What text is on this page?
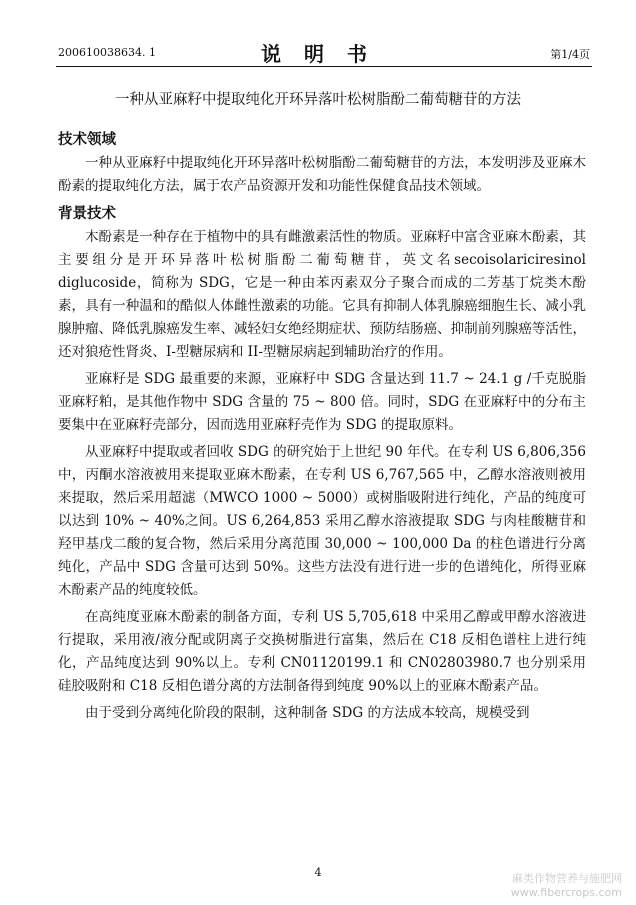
200610038634. 1	说 明 书	第1/4页
一种从亚麻籽中提取纯化开环异落叶松树脂酚二葡萄糖苷的方法
技术领域

一种从亚麻籽中提取纯化开环异落叶松树脂酚二葡萄糖苷的方法，本发明涉及亚麻木酚素的提取纯化方法，属于农产品资源开发和功能性保健食品技术领域。

背景技术

木酚素是一种存在于植物中的具有雌激素活性的物质。亚麻籽中富含亚麻木酚素，其主要组分是开环异落叶松树脂酚二葡萄糖苷，英文名secoisolariciresinol diglucoside，简称为 SDG，它是一种由苯丙素双分子聚合而成的二芳基丁烷类木酚素，具有一种温和的酷似人体雌性激素的功能。它具有抑制人体乳腺癌细胞生长、减小乳腺肿瘤、降低乳腺癌发生率、减轻妇女绝经期症状、预防结肠癌、抑制前列腺癌等活性，还对狼疮性肾炎、I-型糖尿病和 II-型糖尿病起到辅助治疗的作用。

亚麻籽是 SDG 最重要的来源，亚麻籽中 SDG 含量达到 11.7 ~ 24.1 g /千克脱脂亚麻籽粕，是其他作物中 SDG 含量的 75 ~ 800 倍。同时，SDG 在亚麻籽中的分布主要集中在亚麻籽壳部分，因而选用亚麻籽壳作为 SDG 的提取原料。

从亚麻籽中提取或者回收 SDG 的研究始于上世纪 90 年代。在专利 US 6,806,356 中，丙酮水溶液被用来提取亚麻木酚素，在专利 US 6,767,565 中，乙醇水溶液则被用来提取，然后采用超滤（MWCO 1000 ~ 5000）或树脂吸附进行纯化，产品的纯度可以达到 10% ~ 40%之间。US 6,264,853 采用乙醇水溶液提取 SDG 与肉桂酸糖苷和羟甲基戊二酸的复合物，然后采用分离范围 30,000 ~ 100,000 Da 的柱色谱进行分离纯化，产品中 SDG 含量可达到 50%。这些方法没有进行进一步的色谱纯化，所得亚麻木酚素产品的纯度较低。

在高纯度亚麻木酚素的制备方面，专利 US 5,705,618 中采用乙醇或甲醇水溶液进行提取，采用液/液分配或阴离子交换树脂进行富集，然后在 C18 反相色谱柱上进行纯化，产品纯度达到 90%以上。专利 CN01120199.1 和 CN02803980.7 也分别采用硅胶吸附和 C18 反相色谱分离的方法制备得到纯度 90%以上的亚麻木酚素产品。

由于受到分离纯化阶段的限制，这种制备 SDG 的方法成本较高，规模受到

4	麻类作物营养与施肥网
www.fibercrops.com
